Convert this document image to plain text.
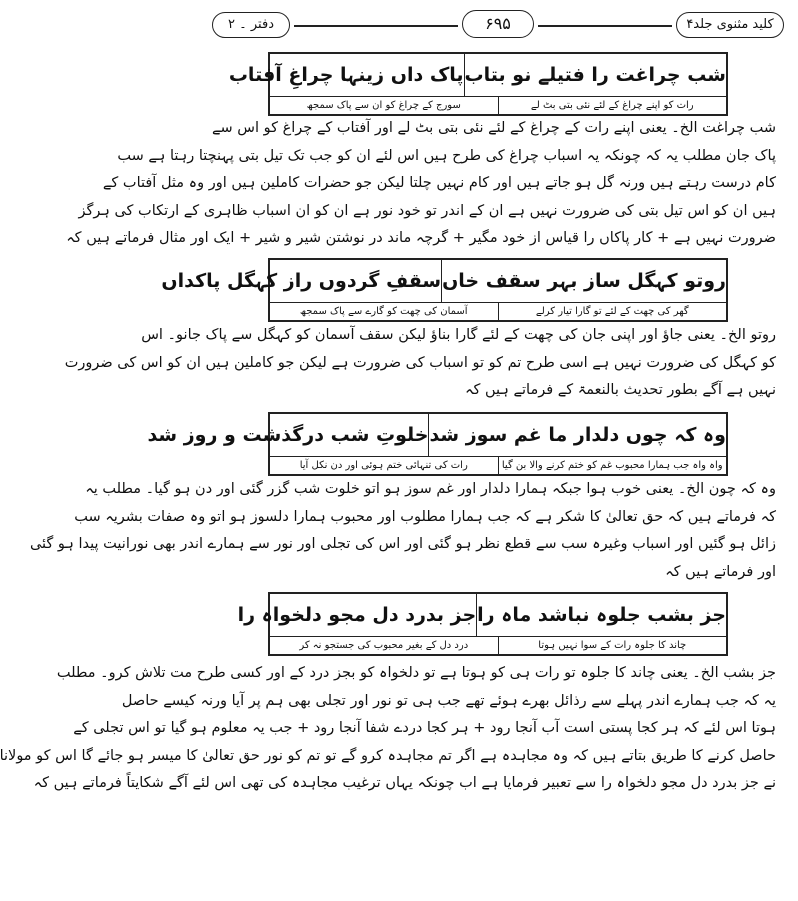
کلید مثنوی جلد۴
۶۹۵
دفتر ۔ ۲
شب چراغت را فتیلے نو بتاب
پاک داں زینہا چراغِ آفتاب
رات کو اپنے چراغ کے لئے نئی بتی بٹ لے
سورج کے چراغ کو ان سے پاک سمجھ
شب چراغت الخ۔ یعنی اپنے رات کے چراغ کے لئے نئی بتی بٹ لے اور آفتاب کے چراغ کو اس سے
پاک جان مطلب یہ کہ چونکہ یہ اسباب چراغ کی طرح ہیں اس لئے ان کو جب تک تیل بتی پہنچتا رہتا ہے سب
کام درست رہتے ہیں ورنہ گل ہو جاتے ہیں اور کام نہیں چلتا لیکن جو حضرات کاملین ہیں اور وہ مثل آفتاب کے
ہیں ان کو اس تیل بتی کی ضرورت نہیں ہے ان کے اندر تو خود نور ہے ان کو ان اسباب ظاہری کے ارتکاب کی ہرگز
ضرورت نہیں ہے + کار پاکاں را قیاس از خود مگیر + گرچہ ماند در نوشتن شیر و شیر + ایک اور مثال فرماتے ہیں کہ
روتو کہگل ساز بہر سقف خاں
سقفِ گردوں راز کہگل پاکداں
گھر کی چھت کے لئے تو گارا تیار کرلے
آسمان کی چھت کو گارے سے پاک سمجھ
روتو الخ۔ یعنی جاؤ اور اپنی جان کی چھت کے لئے گارا بناؤ لیکن سقف آسمان کو کہگل سے پاک جانو۔ اس
کو کہگل کی ضرورت نہیں ہے اسی طرح تم کو تو اسباب کی ضرورت ہے لیکن جو کاملین ہیں ان کو اس کی ضرورت
نہیں ہے آگے بطور تحدیث بالنعمۃ کے فرماتے ہیں کہ
وہ کہ چوں دلدار ما غم سوز شد
خلوتِ شب درگذشت و روز شد
واہ واہ جب ہمارا محبوب غم کو ختم کرنے والا بن گیا
رات کی تنہائی ختم ہوئی اور دن نکل آیا
وہ کہ چون الخ۔ یعنی خوب ہوا جبکہ ہمارا دلدار اور غم سوز ہو اتو خلوت شب گزر گئی اور دن ہو گیا۔ مطلب یہ
کہ فرماتے ہیں کہ حق تعالیٰ کا شکر ہے کہ جب ہمارا مطلوب اور محبوب ہمارا دلسوز ہو اتو وہ صفات بشریہ سب
زائل ہو گئیں اور اسباب وغیرہ سب سے قطع نظر ہو گئی اور اس کی تجلی اور نور سے ہمارے اندر بھی نورانیت پیدا ہو گئی
اور فرماتے ہیں کہ
جز بشب جلوہ نباشد ماہ را
جز بدرد دل مجو دلخواہ را
چاند کا جلوہ رات کے سوا نہیں ہوتا
درد دل کے بغیر محبوب کی جستجو نہ کر
جز بشب الخ۔ یعنی چاند کا جلوہ تو رات ہی کو ہوتا ہے تو دلخواہ کو بجز درد کے اور کسی طرح مت تلاش کرو۔ مطلب
یہ کہ جب ہمارے اندر پہلے سے رذائل بھرے ہوئے تھے جب ہی تو نور اور تجلی بھی ہم پر آیا ورنہ کیسے حاصل
ہوتا اس لئے کہ ہر کجا پستی است آب آنجا رود + ہر کجا دردے شفا آنجا رود + جب یہ معلوم ہو گیا تو اس تجلی کے
حاصل کرنے کا طریق بتاتے ہیں کہ وہ مجاہدہ ہے اگر تم مجاہدہ کرو گے تو تم کو نور حق تعالیٰ کا میسر ہو جائے گا اس کو مولانا
نے جز بدرد دل مجو دلخواہ را سے تعبیر فرمایا ہے اب چونکہ یہاں ترغیب مجاہدہ کی تھی اس لئے آگے شکایتاً فرماتے ہیں کہ
